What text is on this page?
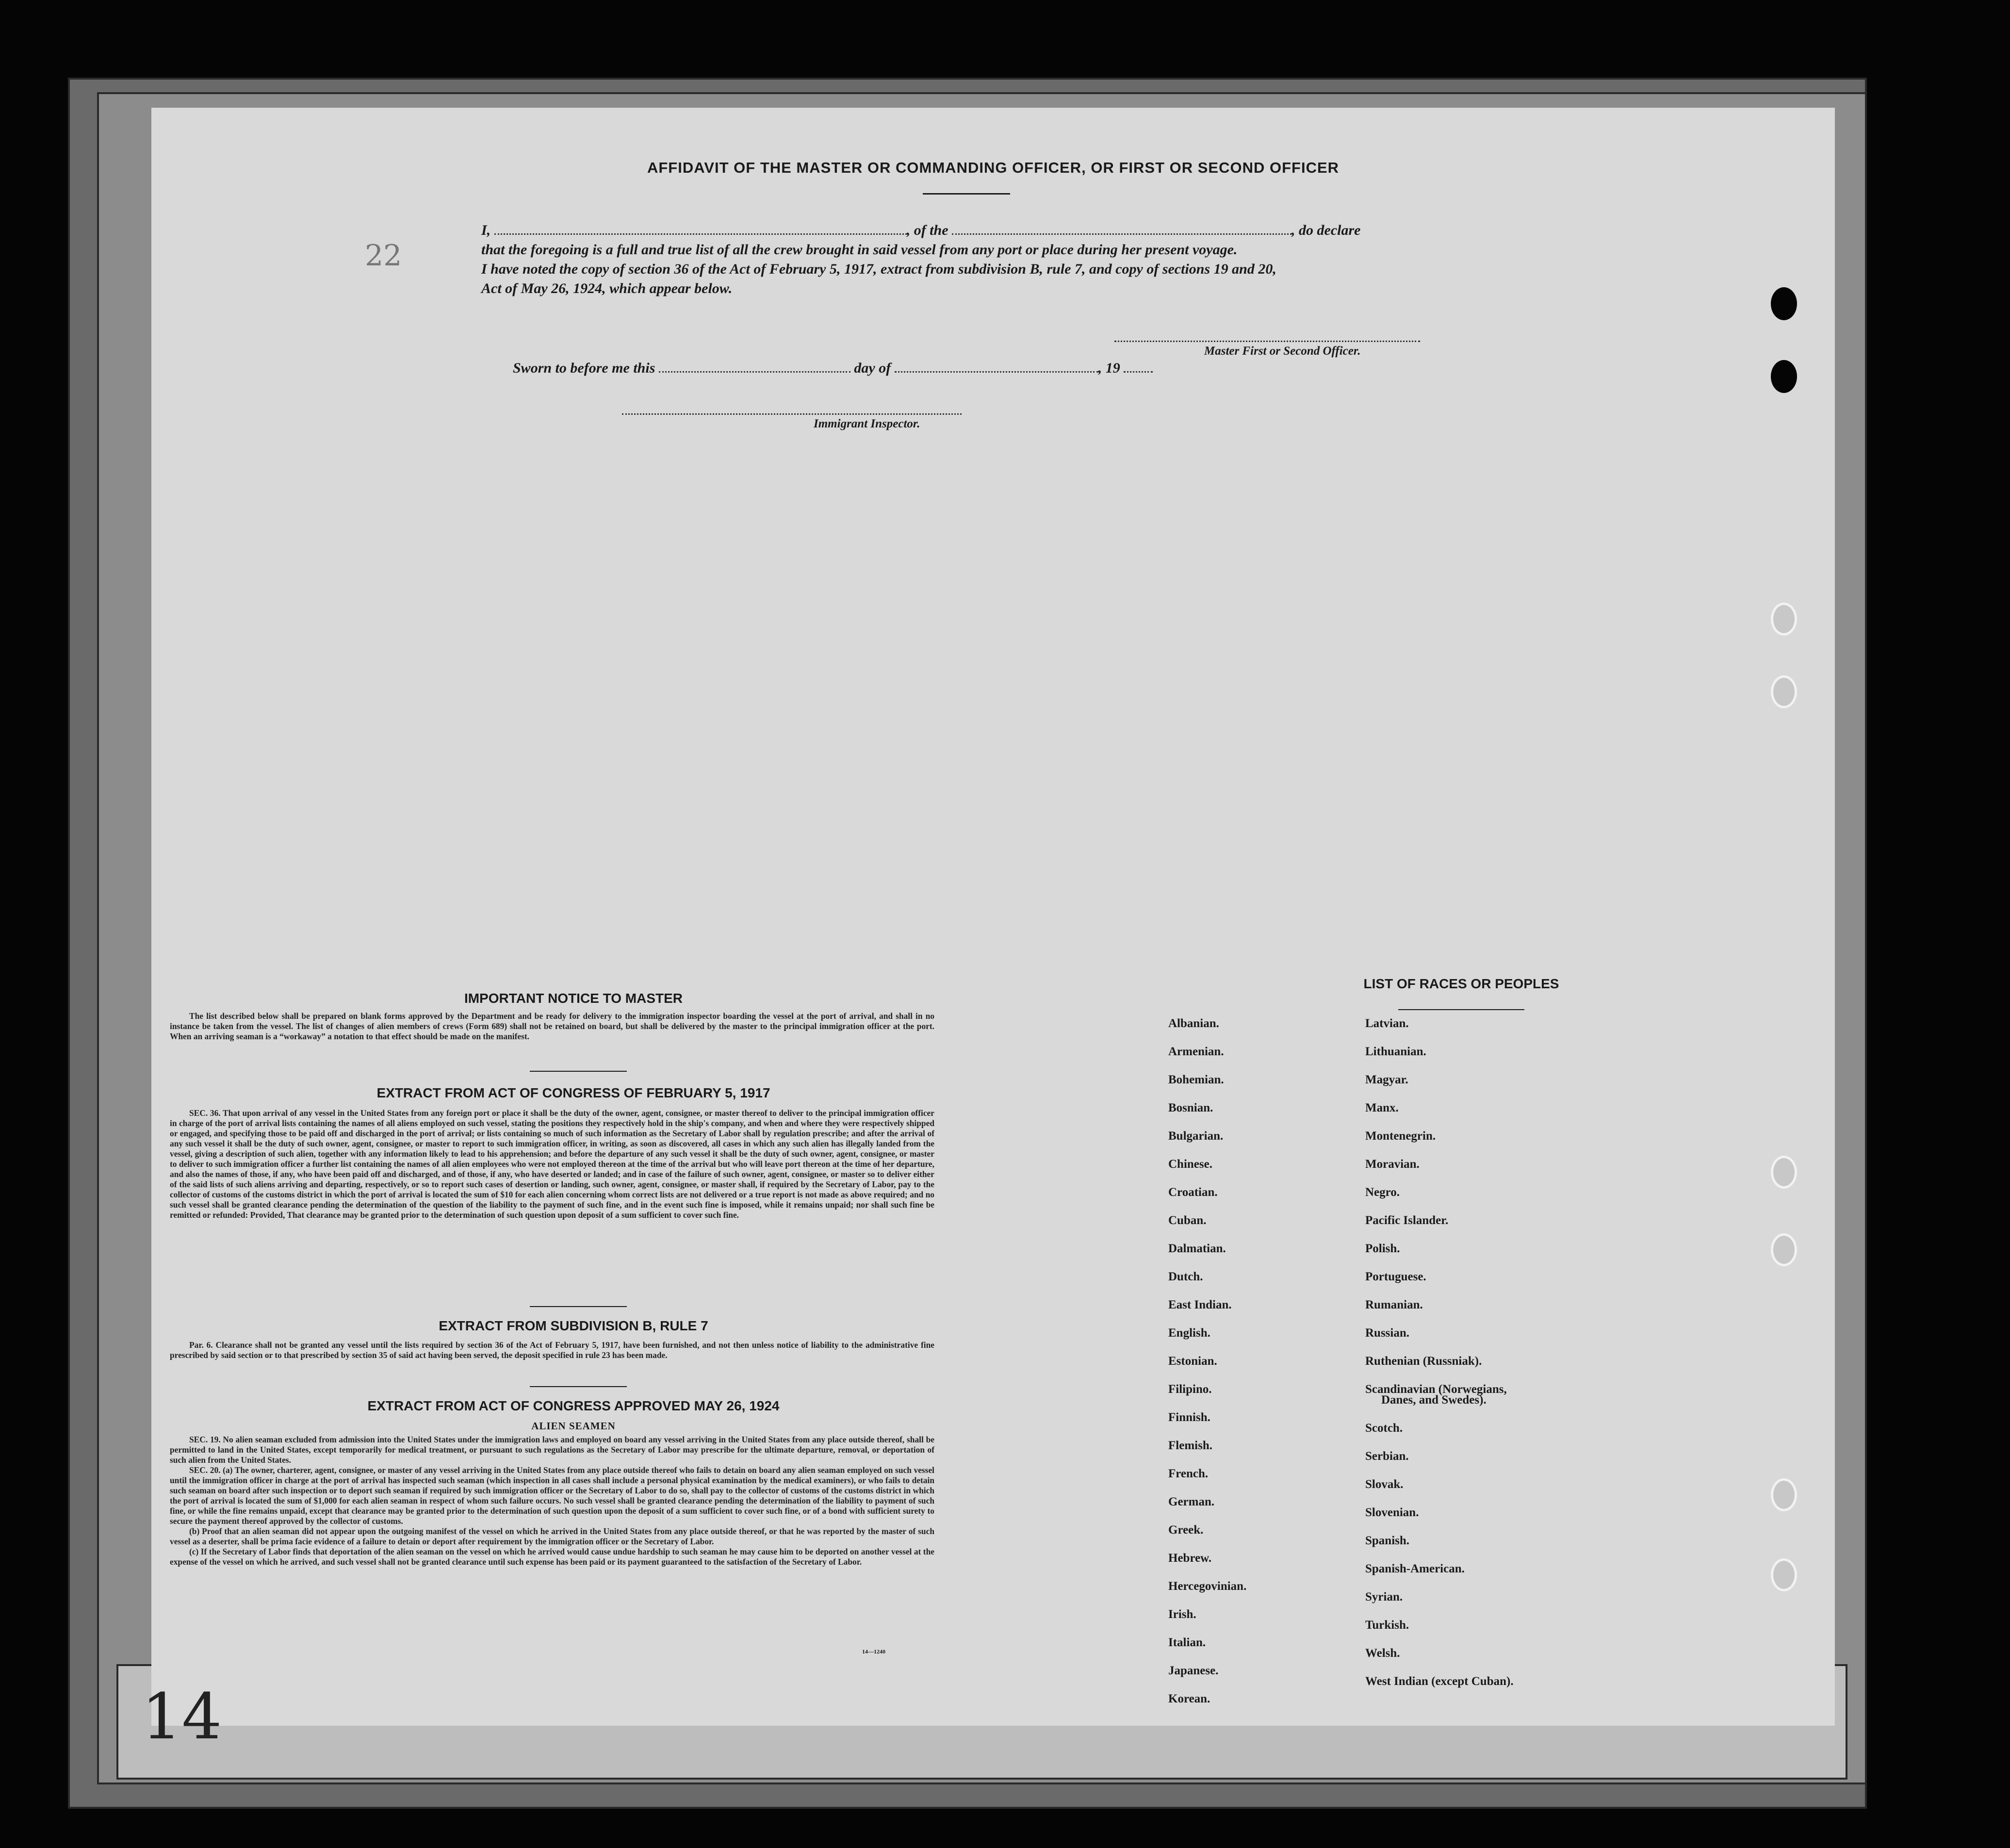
22
AFFIDAVIT OF THE MASTER OR COMMANDING OFFICER, OR FIRST OR SECOND OFFICER
I,	, of the	, do declare
that the foregoing is a full and true list of all the crew brought in said vessel from any port or place during her present voyage.
I have noted the copy of section 36 of the Act of February 5, 1917, extract from subdivision B, rule 7, and copy of sections 19 and 20,
Act of May 26, 1924, which appear below.
Master First or Second Officer.
Sworn to before me this	day of	, 19
Immigrant Inspector.
IMPORTANT NOTICE TO MASTER
The list described below shall be prepared on blank forms approved by the Department and be ready for delivery to the immigration inspector boarding the vessel at the port of arrival, and shall in no instance be taken from the vessel. The list of changes of alien members of crews (Form 689) shall not be retained on board, but shall be delivered by the master to the principal immigration officer at the port. When an arriving seaman is a “workaway” a notation to that effect should be made on the manifest.
EXTRACT FROM ACT OF CONGRESS OF FEBRUARY 5, 1917
SEC. 36. That upon arrival of any vessel in the United States from any foreign port or place it shall be the duty of the owner, agent, consignee, or master thereof to deliver to the principal immigration officer in charge of the port of arrival lists containing the names of all aliens employed on such vessel, stating the positions they respectively hold in the ship's company, and when and where they were respectively shipped or engaged, and specifying those to be paid off and discharged in the port of arrival; or lists containing so much of such information as the Secretary of Labor shall by regulation prescribe; and after the arrival of any such vessel it shall be the duty of such owner, agent, consignee, or master to report to such immigration officer, in writing, as soon as discovered, all cases in which any such alien has illegally landed from the vessel, giving a description of such alien, together with any information likely to lead to his apprehension; and before the departure of any such vessel it shall be the duty of such owner, agent, consignee, or master to deliver to such immigration officer a further list containing the names of all alien employees who were not employed thereon at the time of the arrival but who will leave port thereon at the time of her departure, and also the names of those, if any, who have been paid off and discharged, and of those, if any, who have deserted or landed; and in case of the failure of such owner, agent, consignee, or master so to deliver either of the said lists of such aliens arriving and departing, respectively, or so to report such cases of desertion or landing, such owner, agent, consignee, or master shall, if required by the Secretary of Labor, pay to the collector of customs of the customs district in which the port of arrival is located the sum of $10 for each alien concerning whom correct lists are not delivered or a true report is not made as above required; and no such vessel shall be granted clearance pending the determination of the question of the liability to the payment of such fine, and in the event such fine is imposed, while it remains unpaid; nor shall such fine be remitted or refunded: Provided, That clearance may be granted prior to the determination of such question upon deposit of a sum sufficient to cover such fine.
EXTRACT FROM SUBDIVISION B, RULE 7
Par. 6. Clearance shall not be granted any vessel until the lists required by section 36 of the Act of February 5, 1917, have been furnished, and not then unless notice of liability to the administrative fine prescribed by said section or to that prescribed by section 35 of said act having been served, the deposit specified in rule 23 has been made.
EXTRACT FROM ACT OF CONGRESS APPROVED MAY 26, 1924
ALIEN SEAMEN

SEC. 19. No alien seaman excluded from admission into the United States under the immigration laws and employed on board any vessel arriving in the United States from any place outside thereof, shall be permitted to land in the United States, except temporarily for medical treatment, or pursuant to such regulations as the Secretary of Labor may prescribe for the ultimate departure, removal, or deportation of such alien from the United States.

SEC. 20. (a) The owner, charterer, agent, consignee, or master of any vessel arriving in the United States from any place outside thereof who fails to detain on board any alien seaman employed on such vessel until the immigration officer in charge at the port of arrival has inspected such seaman (which inspection in all cases shall include a personal physical examination by the medical examiners), or who fails to detain such seaman on board after such inspection or to deport such seaman if required by such immigration officer or the Secretary of Labor to do so, shall pay to the collector of customs of the customs district in which the port of arrival is located the sum of $1,000 for each alien seaman in respect of whom such failure occurs. No such vessel shall be granted clearance pending the determination of the liability to payment of such fine, or while the fine remains unpaid, except that clearance may be granted prior to the determination of such question upon the deposit of a sum sufficient to cover such fine, or of a bond with sufficient surety to secure the payment thereof approved by the collector of customs.

(b) Proof that an alien seaman did not appear upon the outgoing manifest of the vessel on which he arrived in the United States from any place outside thereof, or that he was reported by the master of such vessel as a deserter, shall be prima facie evidence of a failure to detain or deport after requirement by the immigration officer or the Secretary of Labor.

(c) If the Secretary of Labor finds that deportation of the alien seaman on the vessel on which he arrived would cause undue hardship to such seaman he may cause him to be deported on another vessel at the expense of the vessel on which he arrived, and such vessel shall not be granted clearance until such expense has been paid or its payment guaranteed to the satisfaction of the Secretary of Labor.

14—1240
LIST OF RACES OR PEOPLES
14
Albanian.
Armenian.
Bohemian.
Bosnian.
Bulgarian.
Chinese.
Croatian.
Cuban.
Dalmatian.
Dutch.
East Indian.
English.
Estonian.
Filipino.
Finnish.
Flemish.
French.
German.
Greek.
Hebrew.
Hercegovinian.
Irish.
Italian.
Japanese.
Korean.
Latvian.
Lithuanian.
Magyar.
Manx.
Montenegrin.
Moravian.
Negro.
Pacific Islander.
Polish.
Portuguese.
Rumanian.
Russian.
Ruthenian (Russniak).
Scandinavian (Norwegians,
Danes, and Swedes).
Scotch.
Serbian.
Slovak.
Slovenian.
Spanish.
Spanish-American.
Syrian.
Turkish.
Welsh.
West Indian (except Cuban).
